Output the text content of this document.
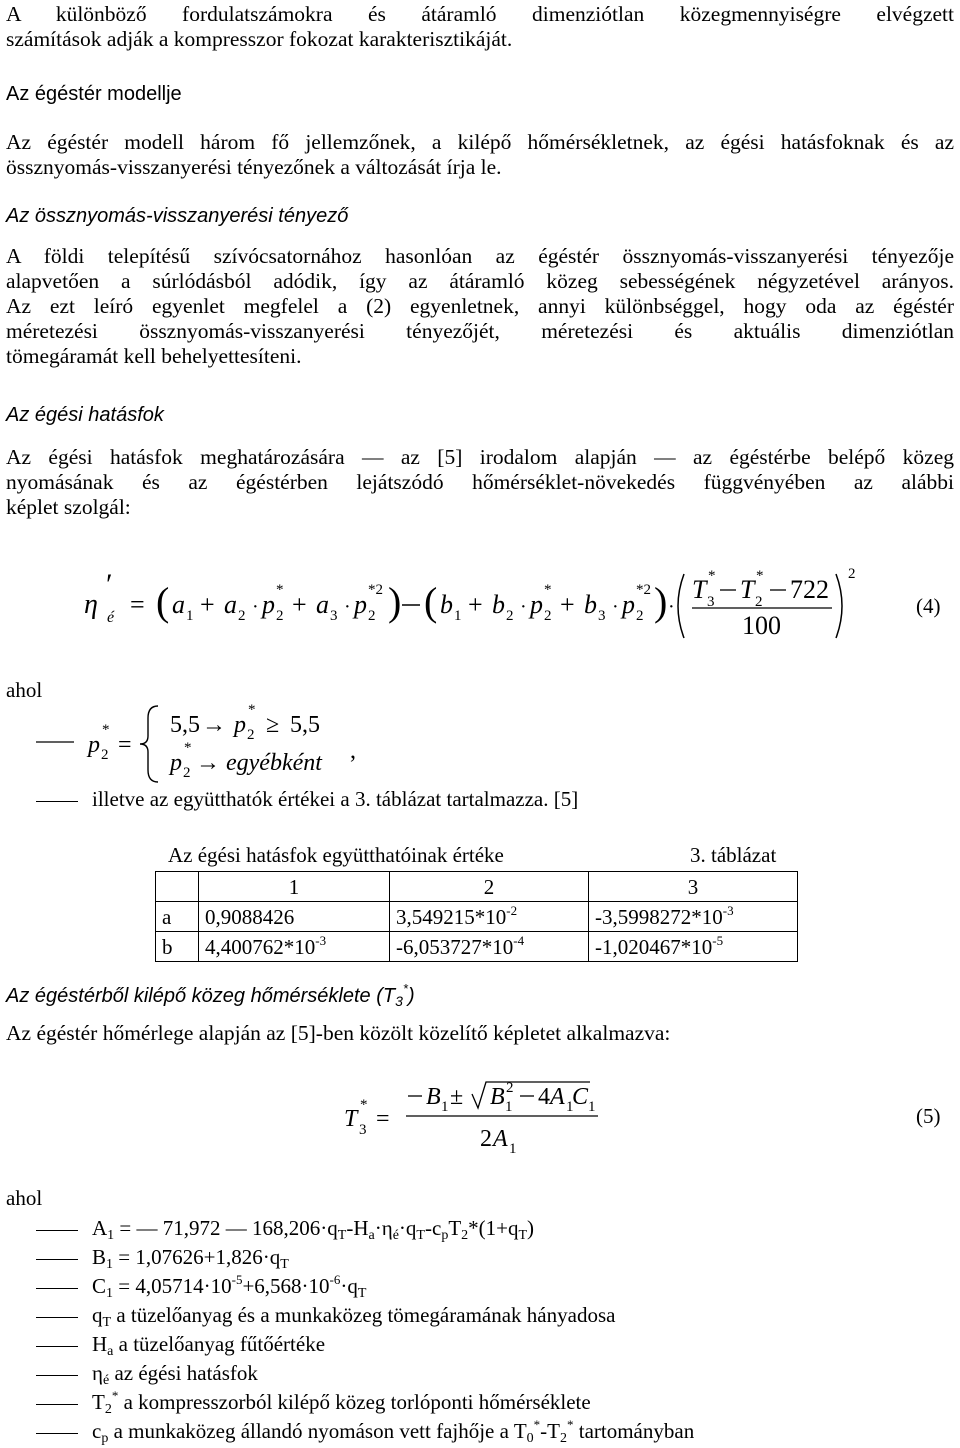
A különböző fordulatszámokra és átáramló dimenziótlan közegmennyiségre elvégzett
számítások adják a kompresszor fokozat karakterisztikáját.
Az égéstér modellje
Az égéstér modell három fő jellemzőnek, a kilépő hőmérsékletnek, az égési hatásfoknak és az
össznyomás-visszanyerési tényezőnek a változását írja le.
Az össznyomás-visszanyerési tényező
A földi telepítésű szívócsatornához hasonlóan az égéstér össznyomás-visszanyerési tényezője
alapvetően a súrlódásból adódik, így az átáramló közeg sebességének négyzetével arányos.
Az ezt leíró egyenlet megfelel a (2) egyenletnek, annyi különbséggel, hogy oda az égéstér
méretezési össznyomás-visszanyerési tényezőjét, méretezési és aktuális dimenziótlan
tömegáramát kell behelyettesíteni.
Az égési hatásfok
Az égési hatásfok meghatározására — az [5] irodalom alapján — az égéstérbe belépő közeg
nyomásának és az égéstérben lejátszódó hőmérséklet-növekedés függvényében az alábbi
képlet szolgál:
η é
′
= ( a 1 + a 2 · p 2
* + a 3 · p 2
*2 ) ( b 1 + b 2 · p 2
* + b 3 · p 2
*2 ) ·
T 3
* T 2
* 722
100
2
(4)
ahol
p 2
*
=
5,5 → p 2
*
≥ 5,5
p 2
*
→ egyébként ,
illetve az együtthatók értékei a 3. táblázat tartalmazza. [5]
Az égési hatásfok együtthatóinak értéke	3. táblázat
	1	2	3
a	0,9088426	$3,549215*10^{-2}$	$-3,5998272*10^{-3}$
b	$4,400762*10^{-3}$	$-6,053727*10^{-4}$	$-1,020467*10^{-5}$
Az égéstérből kilépő közeg hőmérséklete $(T_3^*)$
Az égéstér hőmérlege alapján az [5]-ben közölt közelítő képletet alkalmazva:
T 3
*
=
B 1 ± B 1
2 4 A 1
C 1
2 A 1
(5)
ahol
$A_1$ = — 71,972 — $168,206\cdot q_T-H_a\cdot\eta_é\cdot q_T-c_pT_2*(1+q_T)$
$B_1 = 1,07626+1,826\cdot q_T$
$C_1 = 4,05714\cdot 10^{-5}+6,568\cdot 10^{-6}\cdot q_T$
$q_T$ a tüzelőanyag és a munkaközeg tömegáramának hányadosa
$H_a$ a tüzelőanyag fűtőértéke
$\eta_é$ az égési hatásfok
$T_2^*$ a kompresszorból kilépő közeg torlóponti hőmérséklete
$c_p$ a munkaközeg állandó nyomáson vett fajhője a $T_0^*-T_2^*$ tartományban
